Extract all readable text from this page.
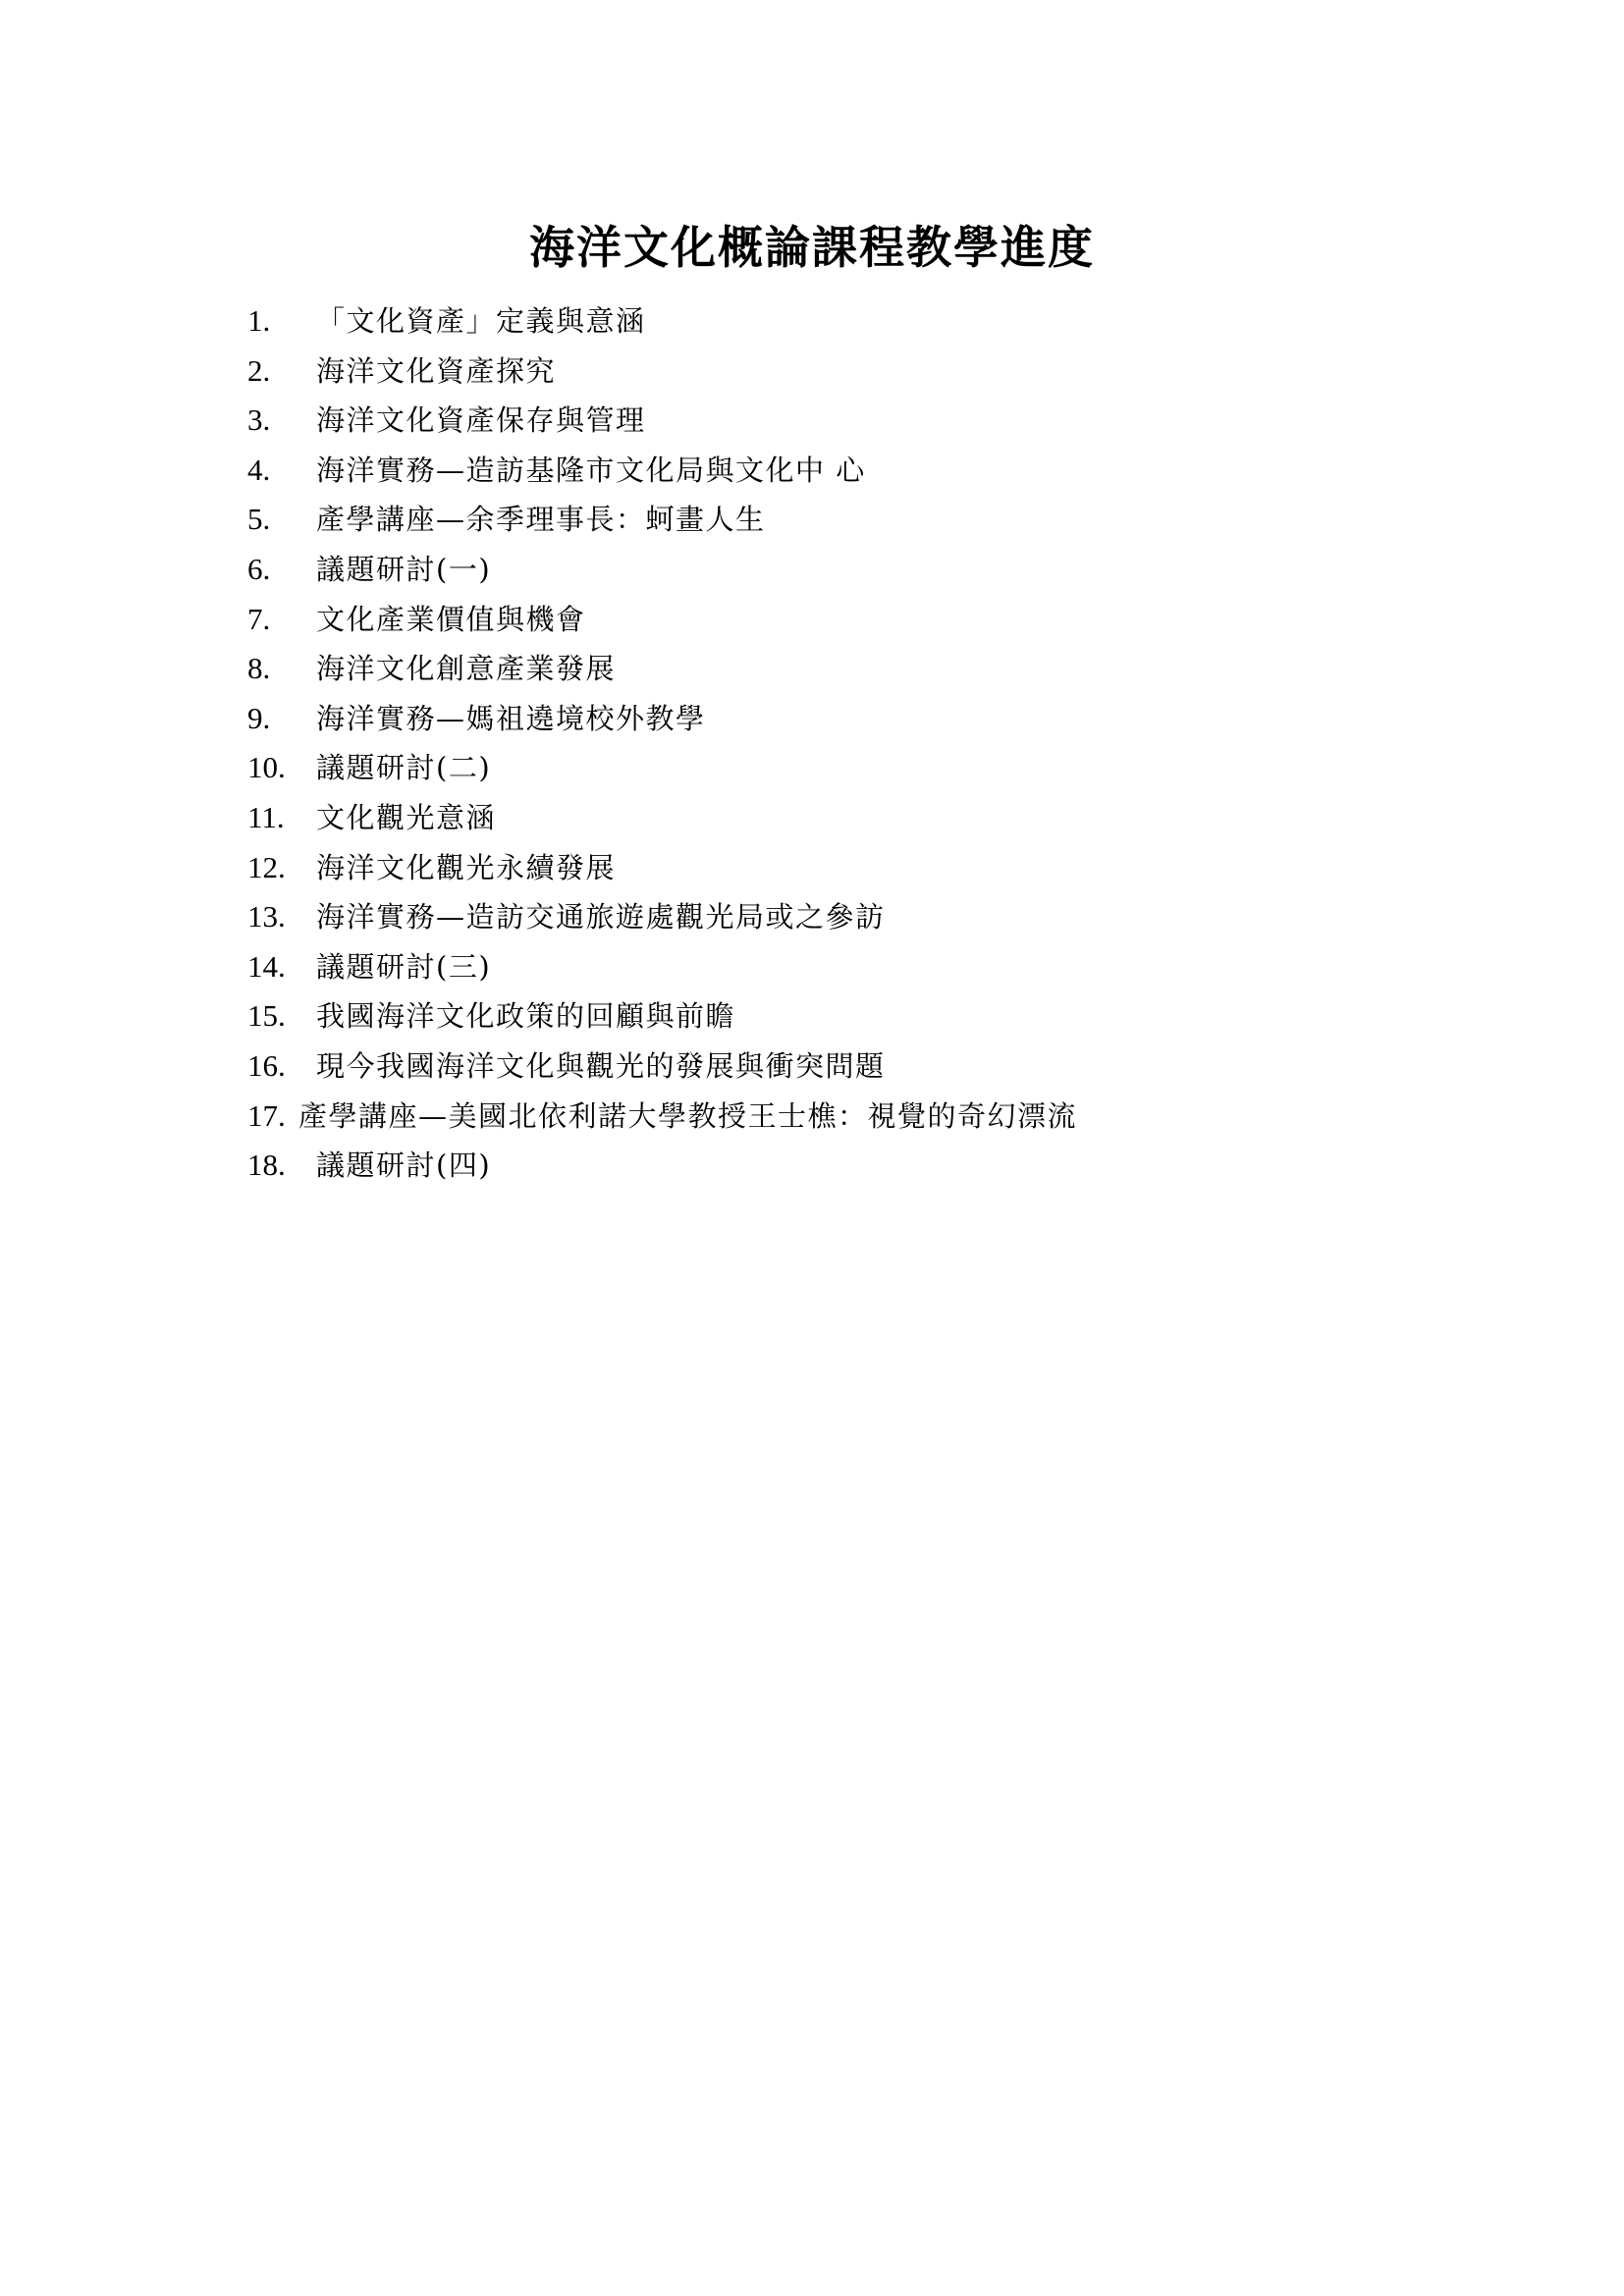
海洋文化概論課程教學進度
1.	「文化資產」定義與意涵
2.	海洋文化資產探究
3.	海洋文化資產保存與管理
4.	海洋實務—造訪基隆市文化局與文化中 心
5.	產學講座—余季理事長：蚵畫人生
6.	議題研討(一)
7.	文化產業價值與機會
8.	海洋文化創意產業發展
9.	海洋實務—媽祖遶境校外教學
10.	議題研討(二)
11.	文化觀光意涵
12.	海洋文化觀光永續發展
13.	海洋實務—造訪交通旅遊處觀光局或之參訪
14.	議題研討(三)
15.	我國海洋文化政策的回顧與前瞻
16.	現今我國海洋文化與觀光的發展與衝突問題
17. 產學講座—美國北依利諾大學教授王士樵：視覺的奇幻漂流
18.	議題研討(四)
